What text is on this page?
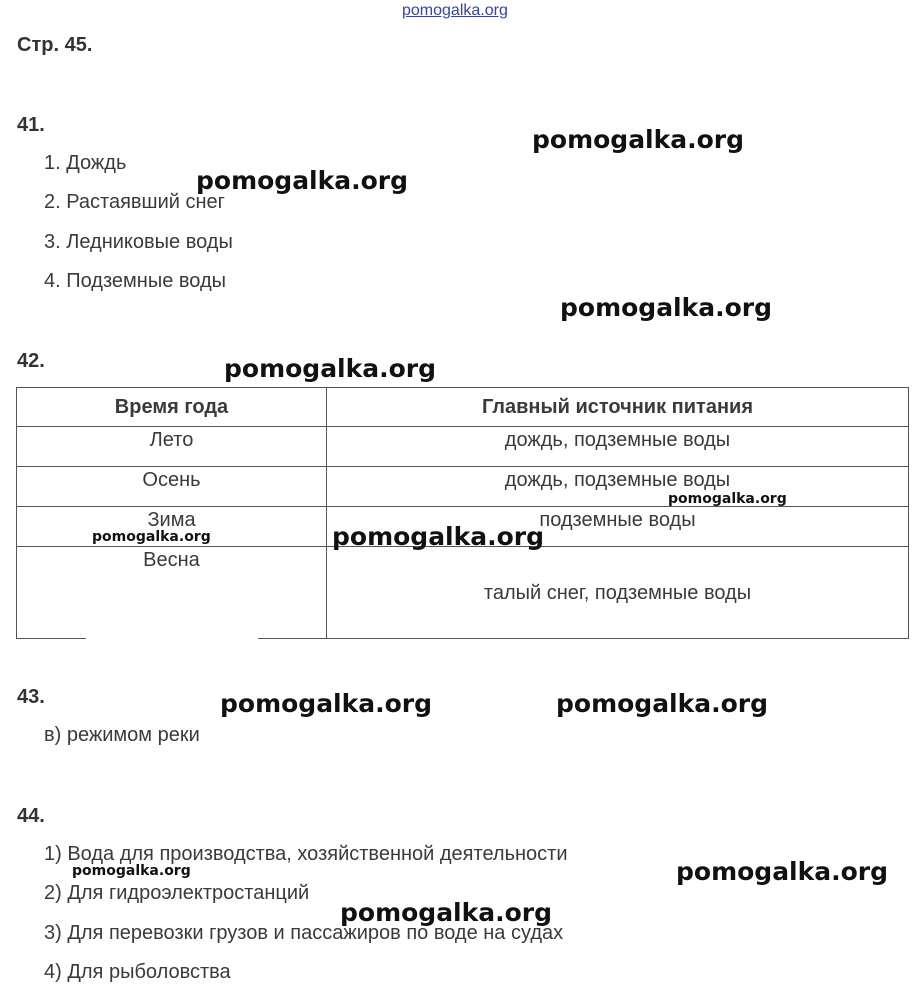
pomogalka.org
Стр. 45.
41.
1. Дождь
2. Растаявший снег
3. Ледниковые воды
4. Подземные воды
42.
Время года	Главный источник питания
Лето	дождь, подземные воды
Осень	дождь, подземные воды
Зима	подземные воды
Весна	талый снег, подземные воды
43.
в) режимом реки
44.
1) Вода для производства, хозяйственной деятельности
2) Для гидроэлектростанций
3) Для перевозки грузов и пассажиров по воде на судах
4) Для рыболовства
pomogalka.org
pomogalka.org
pomogalka.org
pomogalka.org
pomogalka.org
pomogalka.org	pomogalka.org
pomogalka.org	pomogalka.org
pomogalka.org
pomogalka.org
pomogalka.org
